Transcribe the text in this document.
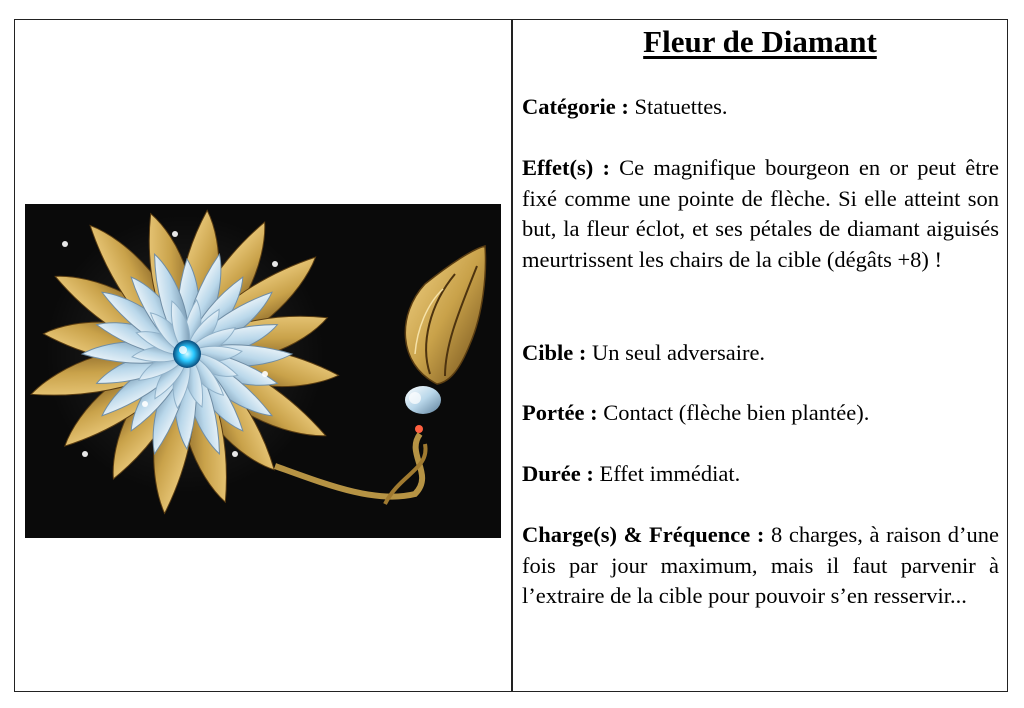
Fleur de Diamant
Catégorie : Statuettes.
Effet(s) : Ce magnifique bourgeon en or peut être fixé comme une pointe de flèche. Si elle atteint son but, la fleur éclot, et ses pétales de diamant aiguisés meurtrissent les chairs de la cible (dégâts +8) !
Cible : Un seul adversaire.
Portée : Contact (flèche bien plantée).
Durée : Effet immédiat.
Charge(s) & Fréquence : 8 charges, à raison d’une fois par jour maximum, mais il faut parvenir à l’extraire de la cible pour pouvoir s’en resservir...
